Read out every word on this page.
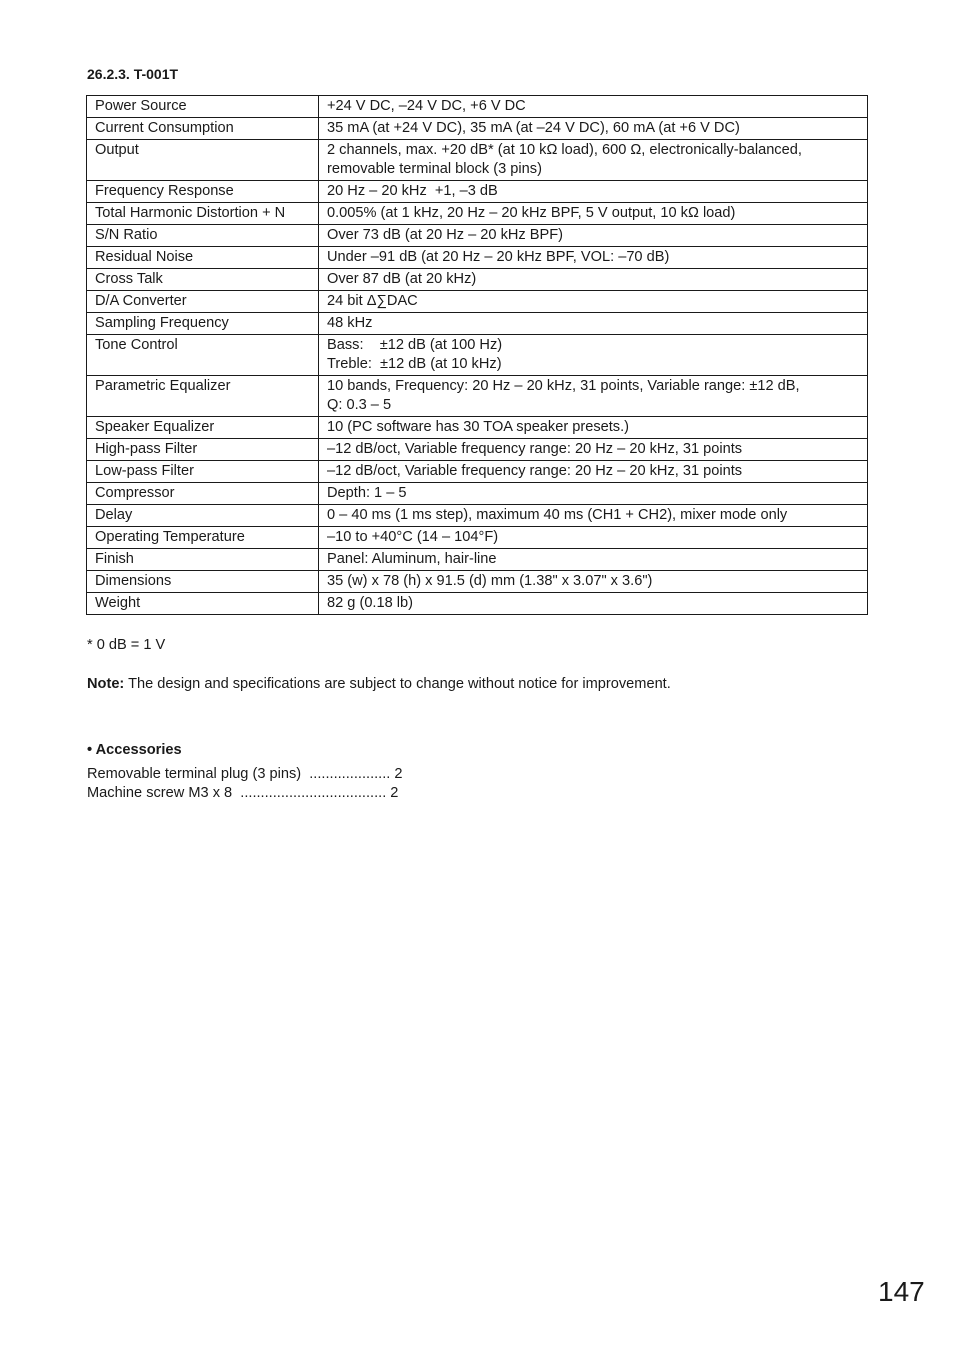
26.2.3. T-001T
Power Source	+24 V DC, –24 V DC, +6 V DC

Current Consumption	35 mA (at +24 V DC), 35 mA (at –24 V DC), 60 mA (at +6 V DC)

Output	2 channels, max. +20 dB* (at 10 kΩ load), 600 Ω, electronically-balanced,
removable terminal block (3 pins)

Frequency Response	20 Hz – 20 kHz  +1, –3 dB

Total Harmonic Distortion + N	0.005% (at 1 kHz, 20 Hz – 20 kHz BPF, 5 V output, 10 kΩ load)

S/N Ratio	Over 73 dB (at 20 Hz – 20 kHz BPF)

Residual Noise	Under –91 dB (at 20 Hz – 20 kHz BPF, VOL: –70 dB)

Cross Talk	Over 87 dB (at 20 kHz)

D/A Converter	24 bit Δ∑DAC

Sampling Frequency	48 kHz

Tone Control	Bass:    ±12 dB (at 100 Hz)
Treble:  ±12 dB (at 10 kHz)

Parametric Equalizer	10 bands, Frequency: 20 Hz – 20 kHz, 31 points, Variable range: ±12 dB,
Q: 0.3 – 5

Speaker Equalizer	10 (PC software has 30 TOA speaker presets.)

High-pass Filter	–12 dB/oct, Variable frequency range: 20 Hz – 20 kHz, 31 points

Low-pass Filter	–12 dB/oct, Variable frequency range: 20 Hz – 20 kHz, 31 points

Compressor	Depth: 1 – 5

Delay	0 – 40 ms (1 ms step), maximum 40 ms (CH1 + CH2), mixer mode only

Operating Temperature	–10 to +40°C (14 – 104°F)

Finish	Panel: Aluminum, hair-line

Dimensions	35 (w) x 78 (h) x 91.5 (d) mm (1.38" x 3.07" x 3.6")

Weight	82 g (0.18 lb)
* 0 dB = 1 V
Note: The design and specifications are subject to change without notice for improvement.
• Accessories
Removable terminal plug (3 pins)  .................... 2
Machine screw M3 x 8  .................................... 2
147
